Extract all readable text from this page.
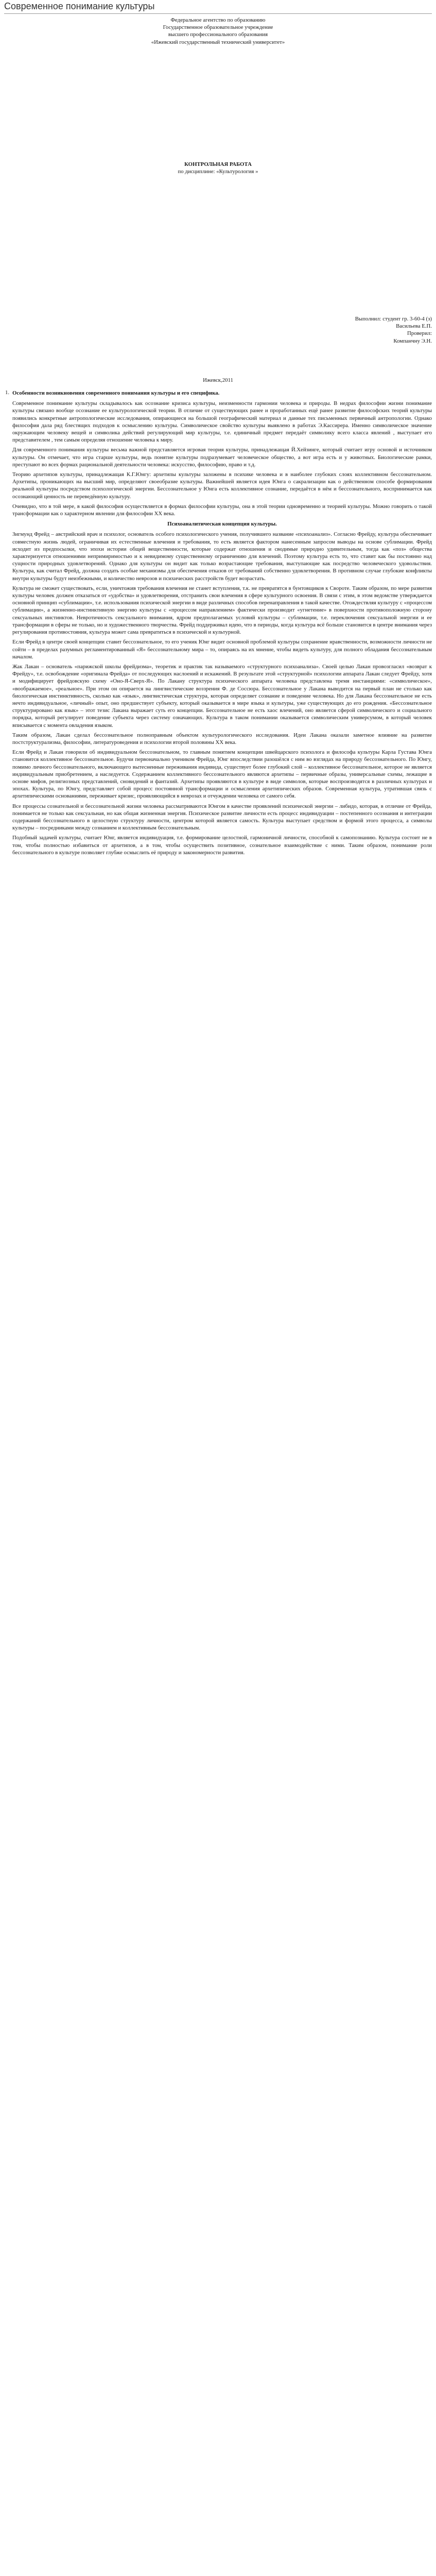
Современное понимание культуры
Федеральное агентство по образованию
Государственное образовательное учреждение
высшего профессионального образования
«Ижевский государственный технический университет»
КОНТРОЛЬНАЯ РАБОТА
по дисциплине: «Культурология »
Выполнил: студент гр. 3-60-4 (з)
Васильева Е.П.
Проверил:
Компанчну Э.Н.
Ижевск,2011
1. Особенности возникновения современного понимания культуры и его специфика.

Современное понимание культуры складывалось как осознание кризиса культуры, неизменности гармонии человека и природы. В недрах философии жизни понимание культуры связано вообще осознание ее культурологической теории. В отличие от существующих ранее и проработанных ещё ранее развитие философских теорий культуры появились конкретные антропологические исследования, опирающиеся на большой географический материал и данные тех письменных первичный антропологии. Однако философия дала ряд блестящих подходов к осмыслению культуры. Символическое свойство культуры выявлено в работах Э.Кассирера. Именно символическое значение окружающим человеку вещей и символика действий регулирующий мир культуры, т.е. единичный предмет передаёт символику всего класса явлений , выступает его представителем , тем самым определяя отношение человека к миру.

Для современного понимания культуры весьма важной представляется игровая теория культуры, принадлежащая Й.Хейзинге, который считает игру основой и источником культуры. Он отмечает, что игра старше культуры, ведь понятие культуры подразумевает человеческое общество, а вот игра есть и у животных. Биологические рамки, преступают во всех формах рациональной деятельности человека: искусство, философию, право и т.д.

Теорию архетипов культуры, принадлежащая К.Г.Юнгу: архетипы культуры заложены в психике человека и в наиболее глубоких слоях коллективном бессознательном. Архетипы, проникающих на высший мир, определяют своеобразие культуры. Важнейшей является идея Юнга о сакрализации как о действенном способе формирования реальной культуры посредством психологической энергии. Бессознательное у Юнга есть коллективное сознание, передаётся в нём и бессознательного, воспринимается как осознающий ценность не переведённую культуру.

Очевидно, что в той мере, в какой философия осуществляется в формах философии культуры, она в этой теории одновременно и теорией культуры. Можно говорить о такой трансформации как о характерном явлении для философии ХХ века.

Психоаналитическая концепция культуры.

Зигмунд Фрейд – австрийский врач и психолог, основатель особого психологического учения, получившего название «психоанализ». Согласно Фрейду, культура обеспечивает совместную жизнь людей, ограничивая их естественные влечения и требования, то есть является фактором нанесенным запросом выводы на основе сублимации. Фрейд исходит из предпосылки, что эпохи истории общей вещественности, которые содержат отношения и сводимые природно удивительным, тогда как «поз» общества характеризуется отношениями непримиримостью и к невидимому существенному ограничению для влечений. Поэтому культура есть то, что ставит как бы постоянно над сущности природных удовлетворений. Однако для культуры он видит как только возрастающие требования, выступающие как посредство человеческого удовольствия. Культура, как считал Фрейд, должна создать особые механизмы для обеспечения отказов от требований собственно удовлетворения. В противном случае глубокие конфликты внутри культуры будут неизбежными, и количество неврозов и психических расстройств будет возрастать.

Культура не сможет существовать, если, уничтожив требования влечения не станет вступления, т.к. не превратятся в бунтовщиков к Свороте. Таким образом, по мере развития культуры человек должен отказаться от «удобства» и удовлетворения, отстранить свои влечения в сфере культурного освоения. В связи с этим, в этом ведомстве утверждается основной принцип «сублимации», т.е. использования психической энергии в виде различных способов перенаправления в такой качестве. Отождествляя культуру с «процессом сублимации», а жизненно-инстинктивную энергию культуры с «процессом направлением» фактически производит «угнетение» в поверхности противоположную сторону сексуальных инстинктов. Невротичность сексуального внимания, ядром предполагаемых условий культуры – сублимации, т.е. переключения сексуальной энергии и ее трансформации в сферы не только, но и художественного творчества. Фрейд поддерживал идею, что в периоды, когда культура всё больше становится в центре внимания через регулирования противостояния, культура может сама превратиться в психической и культурной.

Если Фрейд в центре своей концепции ставит бессознательное, то его ученик Юнг видит основной проблемой культуры сохранение нравственности, возможности личности не сойти – в пределах разумных регламентированный «Я» бессознательному мира – то, опираясь на их мнение, чтобы видеть культуру, для полного обладания бессознательным началом.

Жак Лакан – основатель «парижской школы фрейдизма», теоретик и практик так называемого «структурного психоанализа». Своей целью Лакан провозгласил «возврат к Фрейду», т.е. освобождение «оригинала Фрейда» от последующих наслоений и искажений. В результате этой «структурной» психологии аппарата Лакан следует Фрейду, хотя и модифицирует фрейдовскую схему «Оно-Я-Сверх-Я». По Лакану структура психического аппарата человека представлена тремя инстанциями: «символическое», «воображаемое», «реальное». При этом он опирается на лингвистические воззрения Ф. де Соссюра. Бессознательное у Лакана выводится на первый план не столько как биологическая инстинктивность, сколько как «язык», лингвистическая структура, которая определяет сознание и поведение человека. Но для Лакана бессознательное не есть нечто индивидуальное, «личный» опыт, оно предшествует субъекту, который оказывается в мире языка и культуры, уже существующих до его рождения. «Бессознательное структурировано как язык» – этот тезис Лакана выражает суть его концепции. Бессознательное не есть хаос влечений, оно является сферой символического и социального порядка, который регулирует поведение субъекта через систему означающих. Культура в таком понимании оказывается символическим универсумом, в который человек вписывается с момента овладения языком.

Таким образом, Лакан сделал бессознательное полноправным объектом культурологического исследования. Идеи Лакана оказали заметное влияние на развитие постструктурализма, философии, литературоведения и психологии второй половины ХХ века.

Если Фрейд и Лакан говорили об индивидуальном бессознательном, то главным понятием концепции швейцарского психолога и философа культуры Карла Густава Юнга становится коллективное бессознательное. Будучи первоначально учеником Фрейда, Юнг впоследствии разошёлся с ним во взглядах на природу бессознательного. По Юнгу, помимо личного бессознательного, включающего вытесненные переживания индивида, существует более глубокий слой – коллективное бессознательное, которое не является индивидуальным приобретением, а наследуется. Содержанием коллективного бессознательного являются архетипы – первичные образы, универсальные схемы, лежащие в основе мифов, религиозных представлений, сновидений и фантазий. Архетипы проявляются в культуре в виде символов, которые воспроизводятся в различных культурах и эпохах. Культура, по Юнгу, представляет собой процесс постоянной трансформации и осмысления архетипических образов. Современная культура, утратившая связь с архетипическими основаниями, переживает кризис, проявляющийся в неврозах и отчуждении человека от самого себя.

Все процессы сознательной и бессознательной жизни человека рассматриваются Юнгом в качестве проявлений психической энергии – либидо, которая, в отличие от Фрейда, понимается не только как сексуальная, но как общая жизненная энергия. Психическое развитие личности есть процесс индивидуации – постепенного осознания и интеграции содержаний бессознательного в целостную структуру личности, центром которой является самость. Культура выступает средством и формой этого процесса, а символы культуры – посредниками между сознанием и коллективным бессознательным.

Подобный задачей культуры, считает Юнг, является индивидуация, т.е. формирование целостной, гармоничной личности, способной к самопознанию. Культура состоит не в том, чтобы полностью избавиться от архетипов, а в том, чтобы осуществить позитивное, сознательное взаимодействие с ними. Таким образом, понимание роли бессознательного в культуре позволяет глубже осмыслить её природу и закономерности развития.
